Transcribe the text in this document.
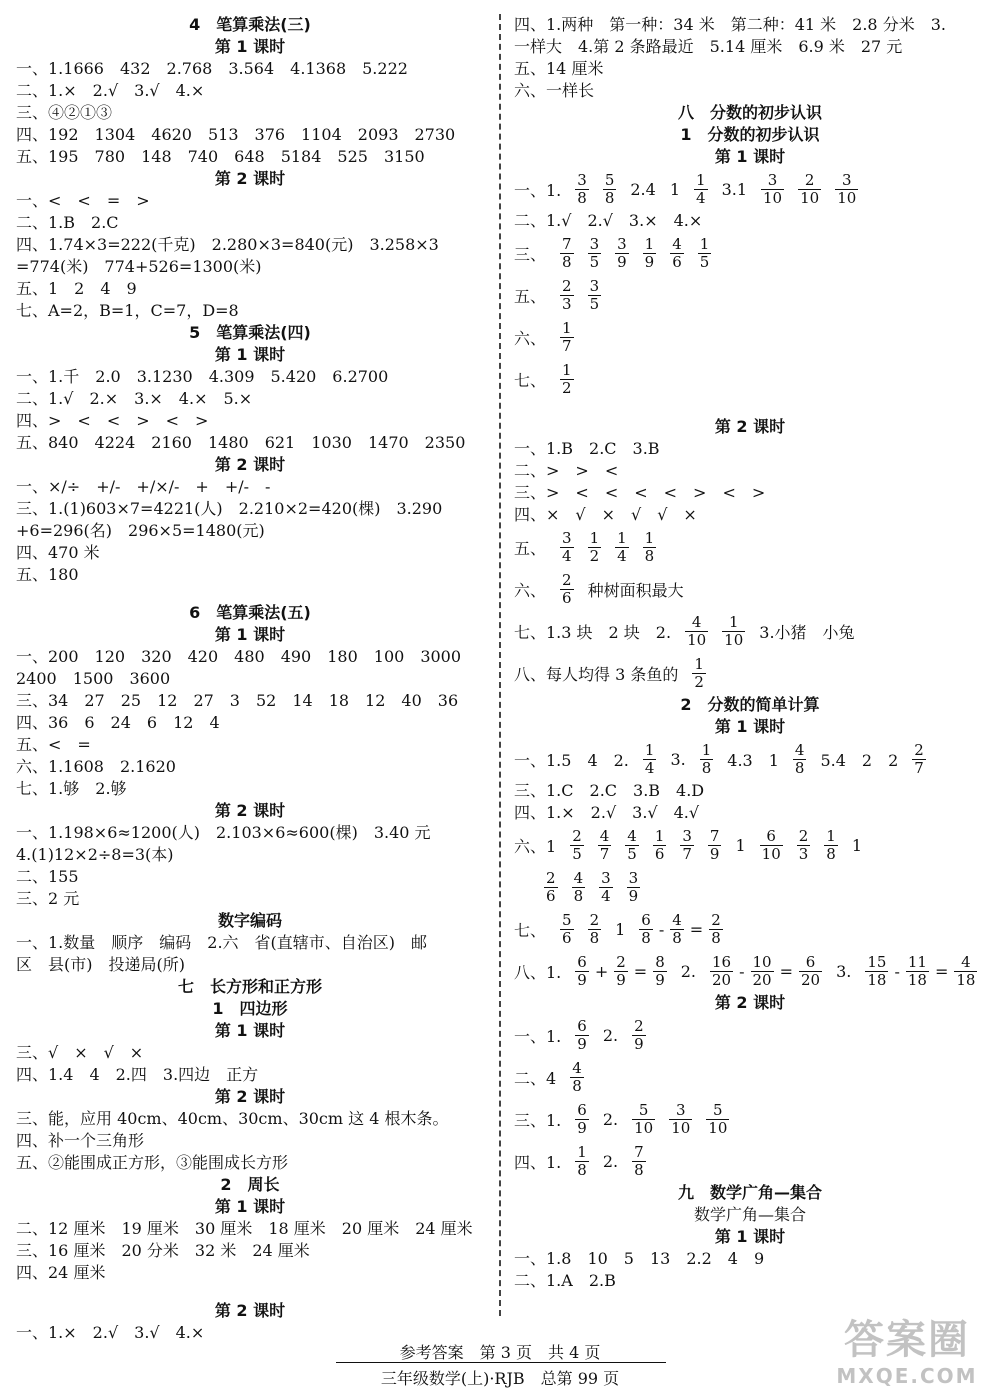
4　笔算乘法(三)
第 1 课时
一、1.1666　432　2.768　3.564　4.1368　5.222
二、1.×　2.√　3.√　4.×
三、④②①③
四、192　1304　4620　513　376　1104　2093　2730
五、195　780　148　740　648　5184　525　3150
第 2 课时
一、<　<　=　>
二、1.B　2.C
四、1.74×3=222(千克)　2.280×3=840(元)　3.258×3
=774(米)　774+526=1300(米)
五、1　2　4　9
七、A=2，B=1，C=7，D=8
5　笔算乘法(四)
第 1 课时
一、1.千　2.0　3.1230　4.309　5.420　6.2700
二、1.√　2.×　3.×　4.×　5.×
四、>　<　<　>　<　>
五、840　4224　2160　1480　621　1030　1470　2350
第 2 课时
一、×/÷　+/-　+/×/-　+　+/-　-
三、1.(1)603×7=4221(人)　2.210×2=420(棵)　3.290
+6=296(名)　296×5=1480(元)
四、470 米
五、180
6　笔算乘法(五)
第 1 课时
一、200　120　320　420　480　490　180　100　3000
2400　1500　3600
三、34　27　25　12　27　3　52　14　18　12　40　36
四、36　6　24　6　12　4
五、<　=
六、1.1608　2.1620
七、1.够　2.够
第 2 课时
一、1.198×6≈1200(人)　2.103×6≈600(棵)　3.40 元
4.(1)12×2÷8=3(本)
二、155
三、2 元
数字编码
一、1.数量　顺序　编码　2.六　省(直辖市、自治区)　邮
区　县(市)　投递局(所)
七　长方形和正方形
1　四边形
第 1 课时
三、√　×　√　×
四、1.4　4　2.四　3.四边　正方
第 2 课时
三、能，应用 40cm、40cm、30cm、30cm 这 4 根木条。
四、补一个三角形
五、②能围成正方形，③能围成长方形
2　周长
第 1 课时
二、12 厘米　19 厘米　30 厘米　18 厘米　20 厘米　24 厘米
三、16 厘米　20 分米　32 米　24 厘米
四、24 厘米
第 2 课时
一、1.×　2.√　3.√　4.×
四、1.两种　第一种：34 米　第二种：41 米　2.8 分米　3.
一样大　4.第 2 条路最近　5.14 厘米　6.9 米　27 元
五、14 厘米
六、一样长
八　分数的初步认识
1　分数的初步认识
第 1 课时
一、1. $\frac{3}{8} \frac{5}{8} 2.4$ $1 \frac{1}{4} 3.1 \frac{3}{10} \frac{2}{10} \frac{3}{10}$
二、1.√　2.√　3.×　4.×
三、 $\frac{7}{8} \frac{3}{5} \frac{3}{9} \frac{1}{9} \frac{4}{6} \frac{1}{5}$
五、 $\frac{2}{3} \frac{3}{5}$
六、 $\frac{1}{7}$
七、 $\frac{1}{2}$
第 2 课时
一、1.B　2.C　3.B
二、>　>　<
三、>　<　<　<　<　>　<　>
四、×　√　×　√　√　×
五、 $\frac{3}{4} \frac{1}{2} \frac{1}{4} \frac{1}{8}$
六、 $\frac{2}{6}$ 种树面积最大
七、1.3 块　2 块　2. $\frac{4}{10} \frac{1}{10} 3$.小猪　小兔
八、每人均得 3 条鱼的 $\frac{1}{2}$
2　分数的简单计算
第 1 课时
一、1.5　4　2. $\frac{1}{4} 3$. $\frac{1}{8} 4.3$　$1 \frac{4}{8} 5.4$　2　$2 \frac{2}{7}$
三、1.C　2.C　3.B　4.D
四、1.×　2.√　3.√　4.√
六、$1 \frac{2}{5} \frac{4}{7} \frac{4}{5} \frac{1}{6} \frac{3}{7} \frac{7}{9} 1 \frac{6}{10} \frac{2}{3} \frac{1}{8} 1$

$\frac{2}{6} \frac{4}{8} \frac{3}{4} \frac{3}{9}$
七、 $\frac{5}{6} \frac{2}{8} 1 \frac{6}{8} - \frac{4}{8} = \frac{2}{8}$
八、1. $\frac{6}{9} + \frac{2}{9} = \frac{8}{9} 2$. $\frac{16}{20} - \frac{10}{20} = \frac{6}{20} 3$. $\frac{15}{18} - \frac{11}{18} = \frac{4}{18}$
第 2 课时
一、1. $\frac{6}{9} 2$. $\frac{2}{9}$
二、$4 \frac{4}{8}$
三、1. $\frac{6}{9} 2$. $\frac{5}{10} \frac{3}{10} \frac{5}{10}$
四、1. $\frac{1}{8} 2$. $\frac{7}{8}$
九　数学广角—集合
数学广角—集合
第 1 课时
一、1.8　10　5　13　2.2　4　9
二、1.A　2.B
参考答案　第 3 页　共 4 页
三年级数学(上)·RJB　总第 99 页
答案圈
MXQE.COM
